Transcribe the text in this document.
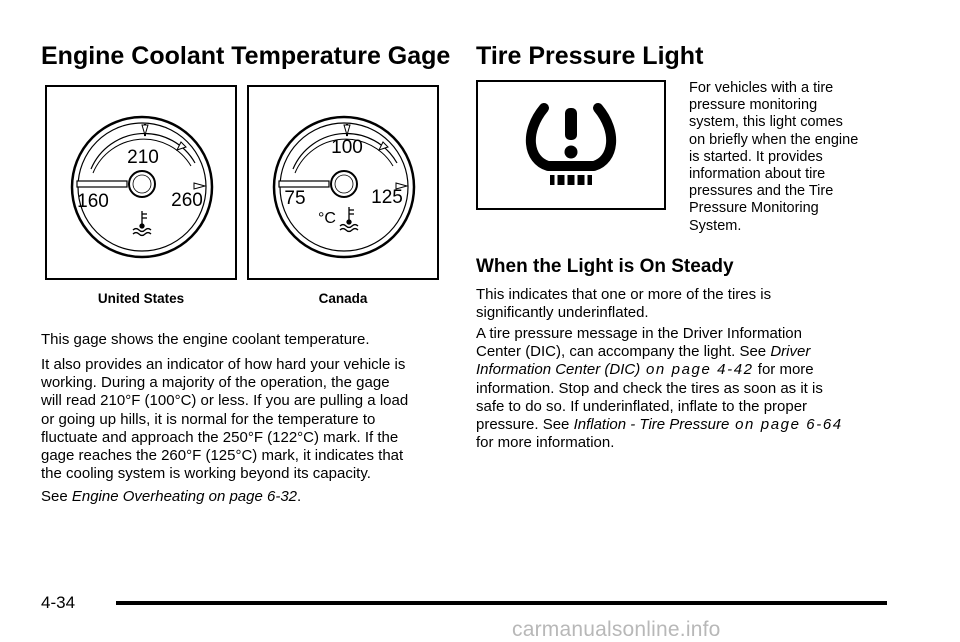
Engine Coolant Temperature Gage
210
160	260
United States
100
75	125
°C
Canada

This gage shows the engine coolant temperature.

It also provides an indicator of how hard your vehicle is
working. During a majority of the operation, the gage
will read 210°F (100°C) or less. If you are pulling a load
or going up hills, it is normal for the temperature to
fluctuate and approach the 250°F (122°C) mark. If the
gage reaches the 260°F (125°C) mark, it indicates that
the cooling system is working beyond its capacity.

See Engine Overheating on page 6-32.

Tire Pressure Light

For vehicles with a tire
pressure monitoring
system, this light comes
on briefly when the engine
is started. It provides
information about tire
pressures and the Tire
Pressure Monitoring
System.

When the Light is On Steady

This indicates that one or more of the tires is
significantly underinflated.

A tire pressure message in the Driver Information
Center (DIC), can accompany the light. See Driver
Information Center (DIC) on page 4-42 for more
information. Stop and check the tires as soon as it is
safe to do so. If underinflated, inflate to the proper
pressure. See Inflation - Tire Pressure on page 6-64
for more information.

4-34
carmanualsonline.info
